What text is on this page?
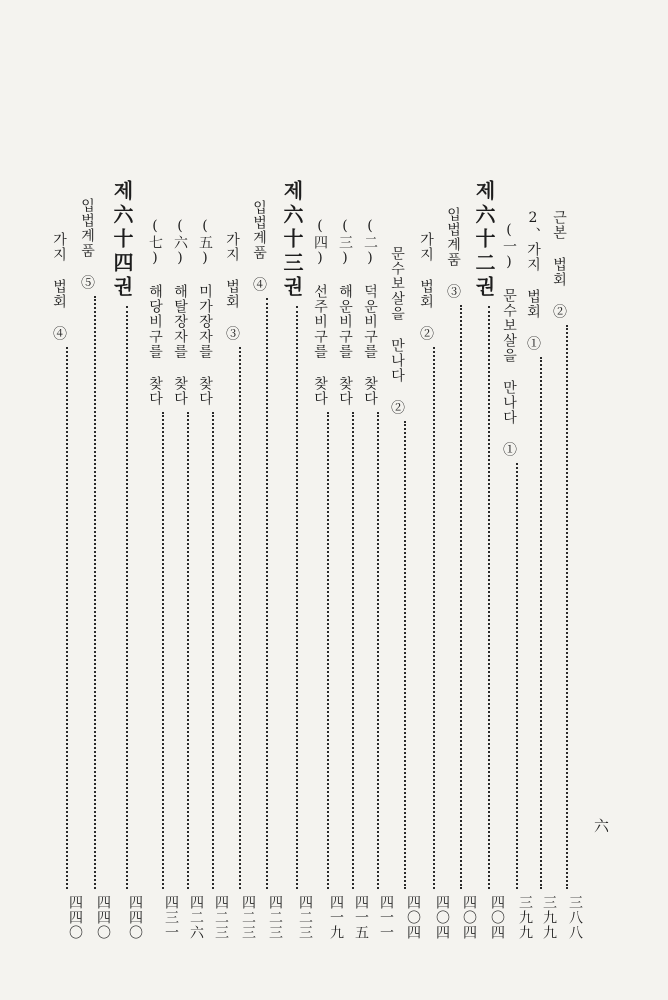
근본 법회 ②
三八八
2、가지 법회 ①
三九九
(一) 문수보살을 만나다 ①
三九九
제六十二권
四〇四
입법계품 ③
四〇四
가지 법회 ②
四〇四
문수보살을 만나다 ②
四〇四
(二) 덕운비구를 찾다
四一一
(三) 해운비구를 찾다
四一五
(四) 선주비구를 찾다
四一九
제六十三권
四二三
입법계품 ④
四二三
가지 법회 ③
四二三
(五) 미가장자를 찾다
四二三
(六) 해탈장자를 찾다
四二六
(七) 해당비구를 찾다
四三一
제六十四권
四四〇
입법계품 ⑤
四四〇
가지 법회 ④
四四〇
六
